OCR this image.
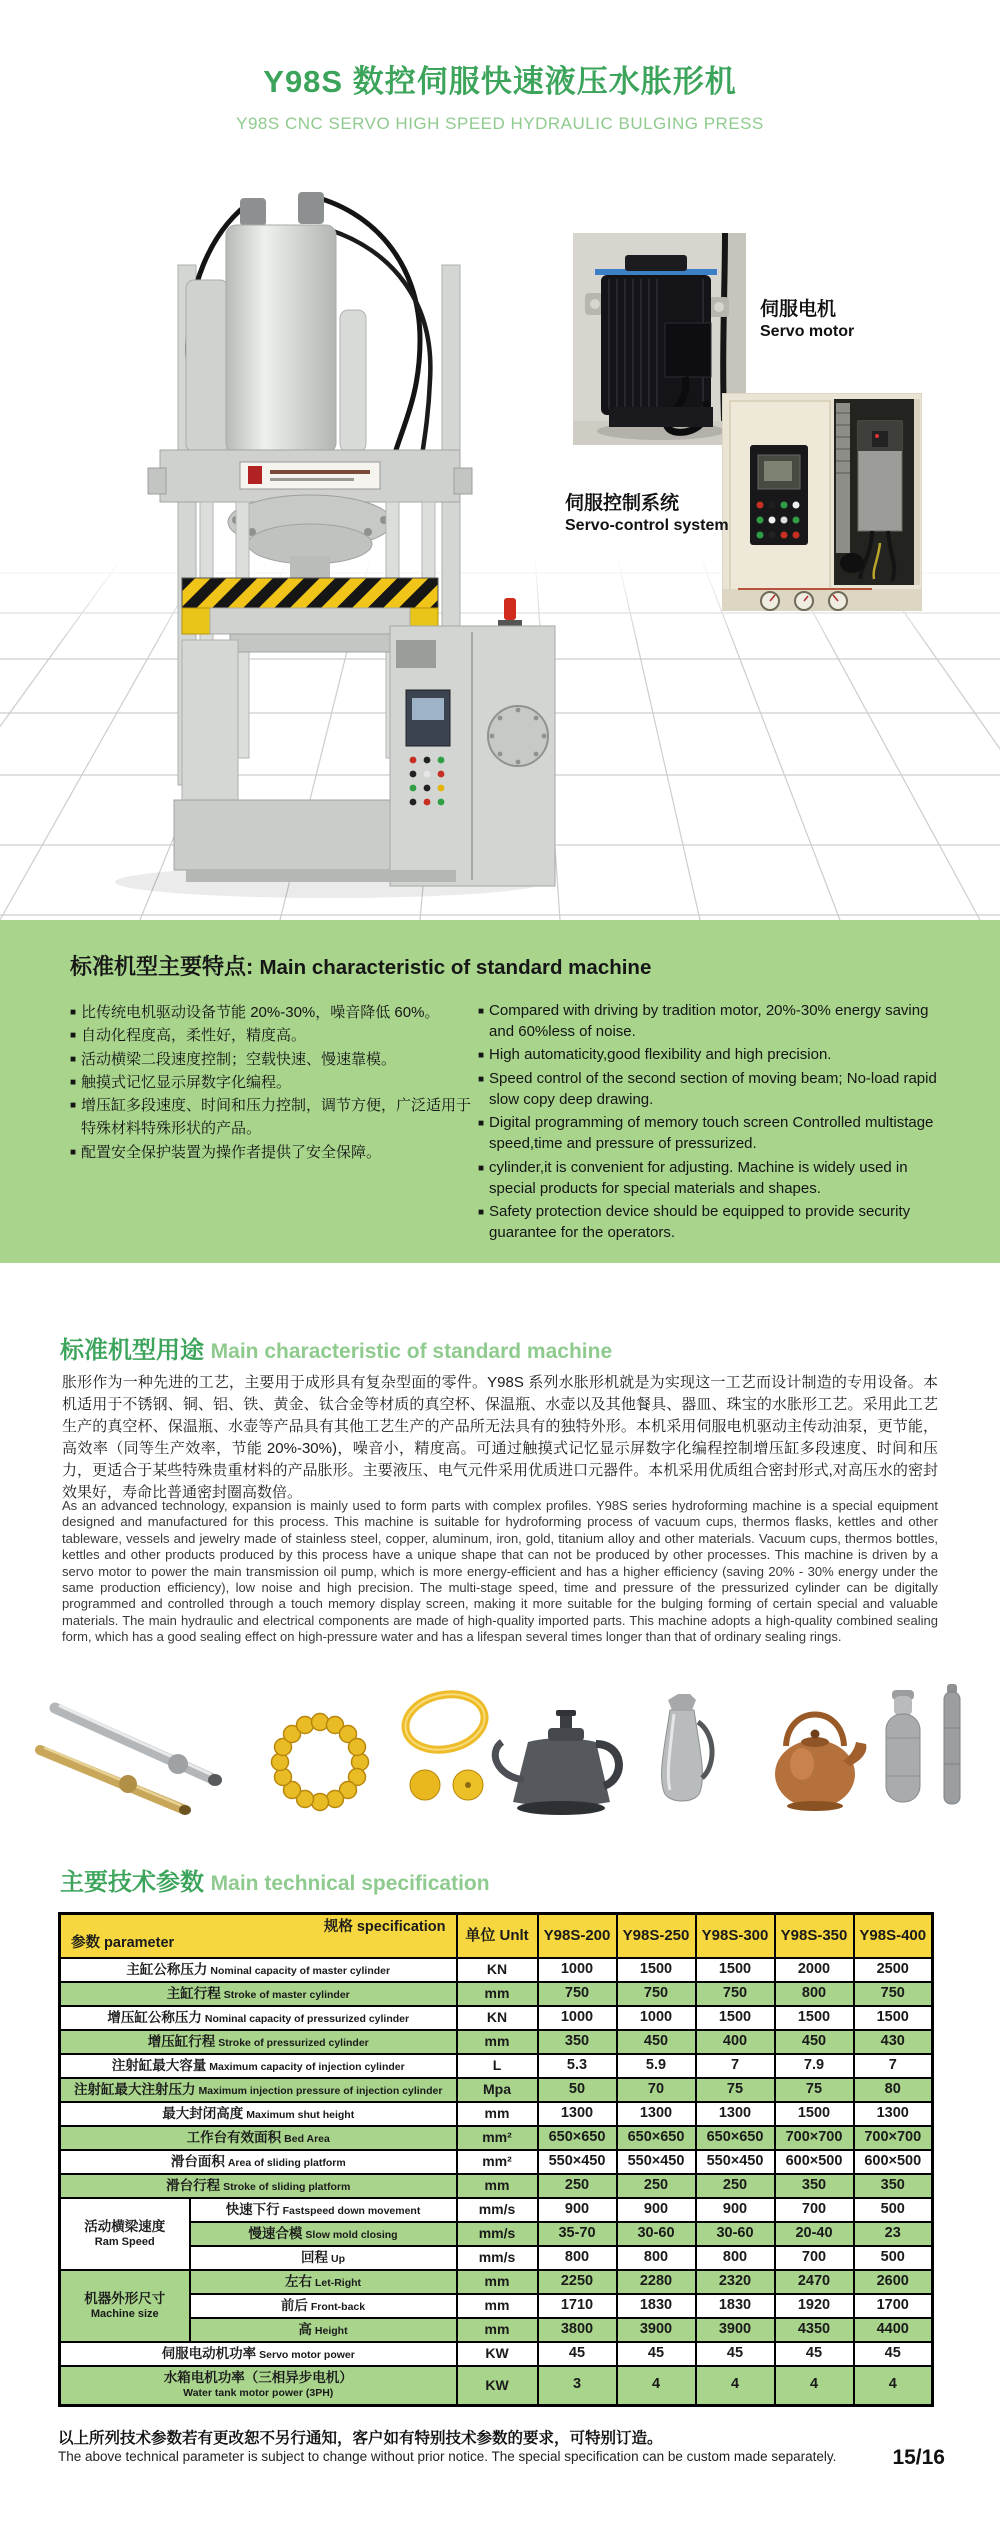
Y98S 数控伺服快速液压水胀形机
Y98S CNC SERVO HIGH SPEED HYDRAULIC BULGING PRESS
伺服电机
Servo motor
伺服控制系统
Servo-control system
标准机型主要特点: Main characteristic of standard machine
■ 比传统电机驱动设备节能 20%-30%，噪音降低 60%。
■ 自动化程度高，柔性好，精度高。
■ 活动横梁二段速度控制；空载快速、慢速靠模。
■ 触摸式记忆显示屏数字化编程。
■ 增压缸多段速度、时间和压力控制，调节方便，广泛适用于特殊材料特殊形状的产品。
■ 配置安全保护装置为操作者提供了安全保障。
■ Compared with driving by tradition motor, 20%-30% energy saving and 60%less of noise.
■ High automaticity,good flexibility and high precision.
■ Speed control of the second section of moving beam; No-load rapid slow copy deep drawing.
■ Digital programming of memory touch screen Controlled multistage speed,time and pressure of pressurized.
■ cylinder,it is convenient for adjusting. Machine is widely used in special products for special materials and shapes.
■ Safety protection device should be equipped to provide security guarantee for the operators.
标准机型用途 Main characteristic of standard machine
胀形作为一种先进的工艺，主要用于成形具有复杂型面的零件。Y98S 系列水胀形机就是为实现这一工艺而设计制造的专用设备。本机适用于不锈钢、铜、铝、铁、黄金、钛合金等材质的真空杯、保温瓶、水壶以及其他餐具、器皿、珠宝的水胀形工艺。采用此工艺生产的真空杯、保温瓶、水壶等产品具有其他工艺生产的产品所无法具有的独特外形。本机采用伺服电机驱动主传动油泵，更节能，高效率（同等生产效率，节能 20%-30%)，噪音小，精度高。可通过触摸式记忆显示屏数字化编程控制增压缸多段速度、时间和压力，更适合于某些特殊贵重材料的产品胀形。主要液压、电气元件采用优质进口元器件。本机采用优质组合密封形式,对高压水的密封效果好，寿命比普通密封圈高数倍。
As an advanced technology, expansion is mainly used to form parts with complex profiles. Y98S series hydroforming machine is a special equipment designed and manufactured for this process. This machine is suitable for hydroforming process of vacuum cups, thermos flasks, kettles and other tableware, vessels and jewelry made of stainless steel, copper, aluminum, iron, gold, titanium alloy and other materials. Vacuum cups, thermos bottles, kettles and other products produced by this process have a unique shape that can not be produced by other processes. This machine is driven by a servo motor to power the main transmission oil pump, which is more energy-efficient and has a higher efficiency (saving 20% - 30% energy under the same production efficiency), low noise and high precision. The multi-stage speed, time and pressure of the pressurized cylinder can be digitally programmed and controlled through a touch memory display screen, making it more suitable for the bulging forming of certain special and valuable materials. The main hydraulic and electrical components are made of high-quality imported parts. This machine adopts a high-quality combined sealing form, which has a good sealing effect on high-pressure water and has a lifespan several times longer than that of ordinary sealing rings.
主要技术参数 Main technical specification
规格 specification
参数 parameter		单位 Unlt	Y98S-200	Y98S-250	Y98S-300	Y98S-350	Y98S-400
主缸公称压力 Nominal capacity of master cylinder		KN	1000	1500	1500	2000	2500
主缸行程 Stroke of master cylinder		mm	750	750	750	800	750
增压缸公称压力 Nominal capacity of pressurized cylinder		KN	1000	1000	1500	1500	1500
增压缸行程 Stroke of pressurized cylinder		mm	350	450	400	450	430
注射缸最大容量 Maximum capacity of injection cylinder		L	5.3	5.9	7	7.9	7
注射缸最大注射压力 Maximum injection pressure of injection cylinder		Mpa	50	70	75	75	80
最大封闭高度 Maximum shut height		mm	1300	1300	1300	1500	1300
工作台有效面积 Bed Area		mm²	650×650	650×650	650×650	700×700	700×700
滑台面积 Area of sliding platform		mm²	550×450	550×450	550×450	600×500	600×500
滑台行程 Stroke of sliding platform		mm	250	250	250	350	350

活动横梁速度
Ram Speed	快速下行 Fastspeed down movement	mm/s	900	900	900	700	500
	慢速合模 Slow mold closing	mm/s	35-70	30-60	30-60	20-40	23
	回程 Up	mm/s	800	800	800	700	500

机器外形尺寸
Machine size	左右 Let-Right	mm	2250	2280	2320	2470	2600
	前后 Front-back	mm	1710	1830	1830	1920	1700
	高 Height	mm	3800	3900	3900	4350	4400
伺服电动机功率 Servo motor power		KW	45	45	45	45	45

水箱电机功率（三相异步电机）
Water tank motor power (3PH)		KW	3	4	4	4	4
以上所列技术参数若有更改恕不另行通知，客户如有特别技术参数的要求，可特别订造。
The above technical parameter is subject to change without prior notice. The special specification can be custom made separately.	15/16
